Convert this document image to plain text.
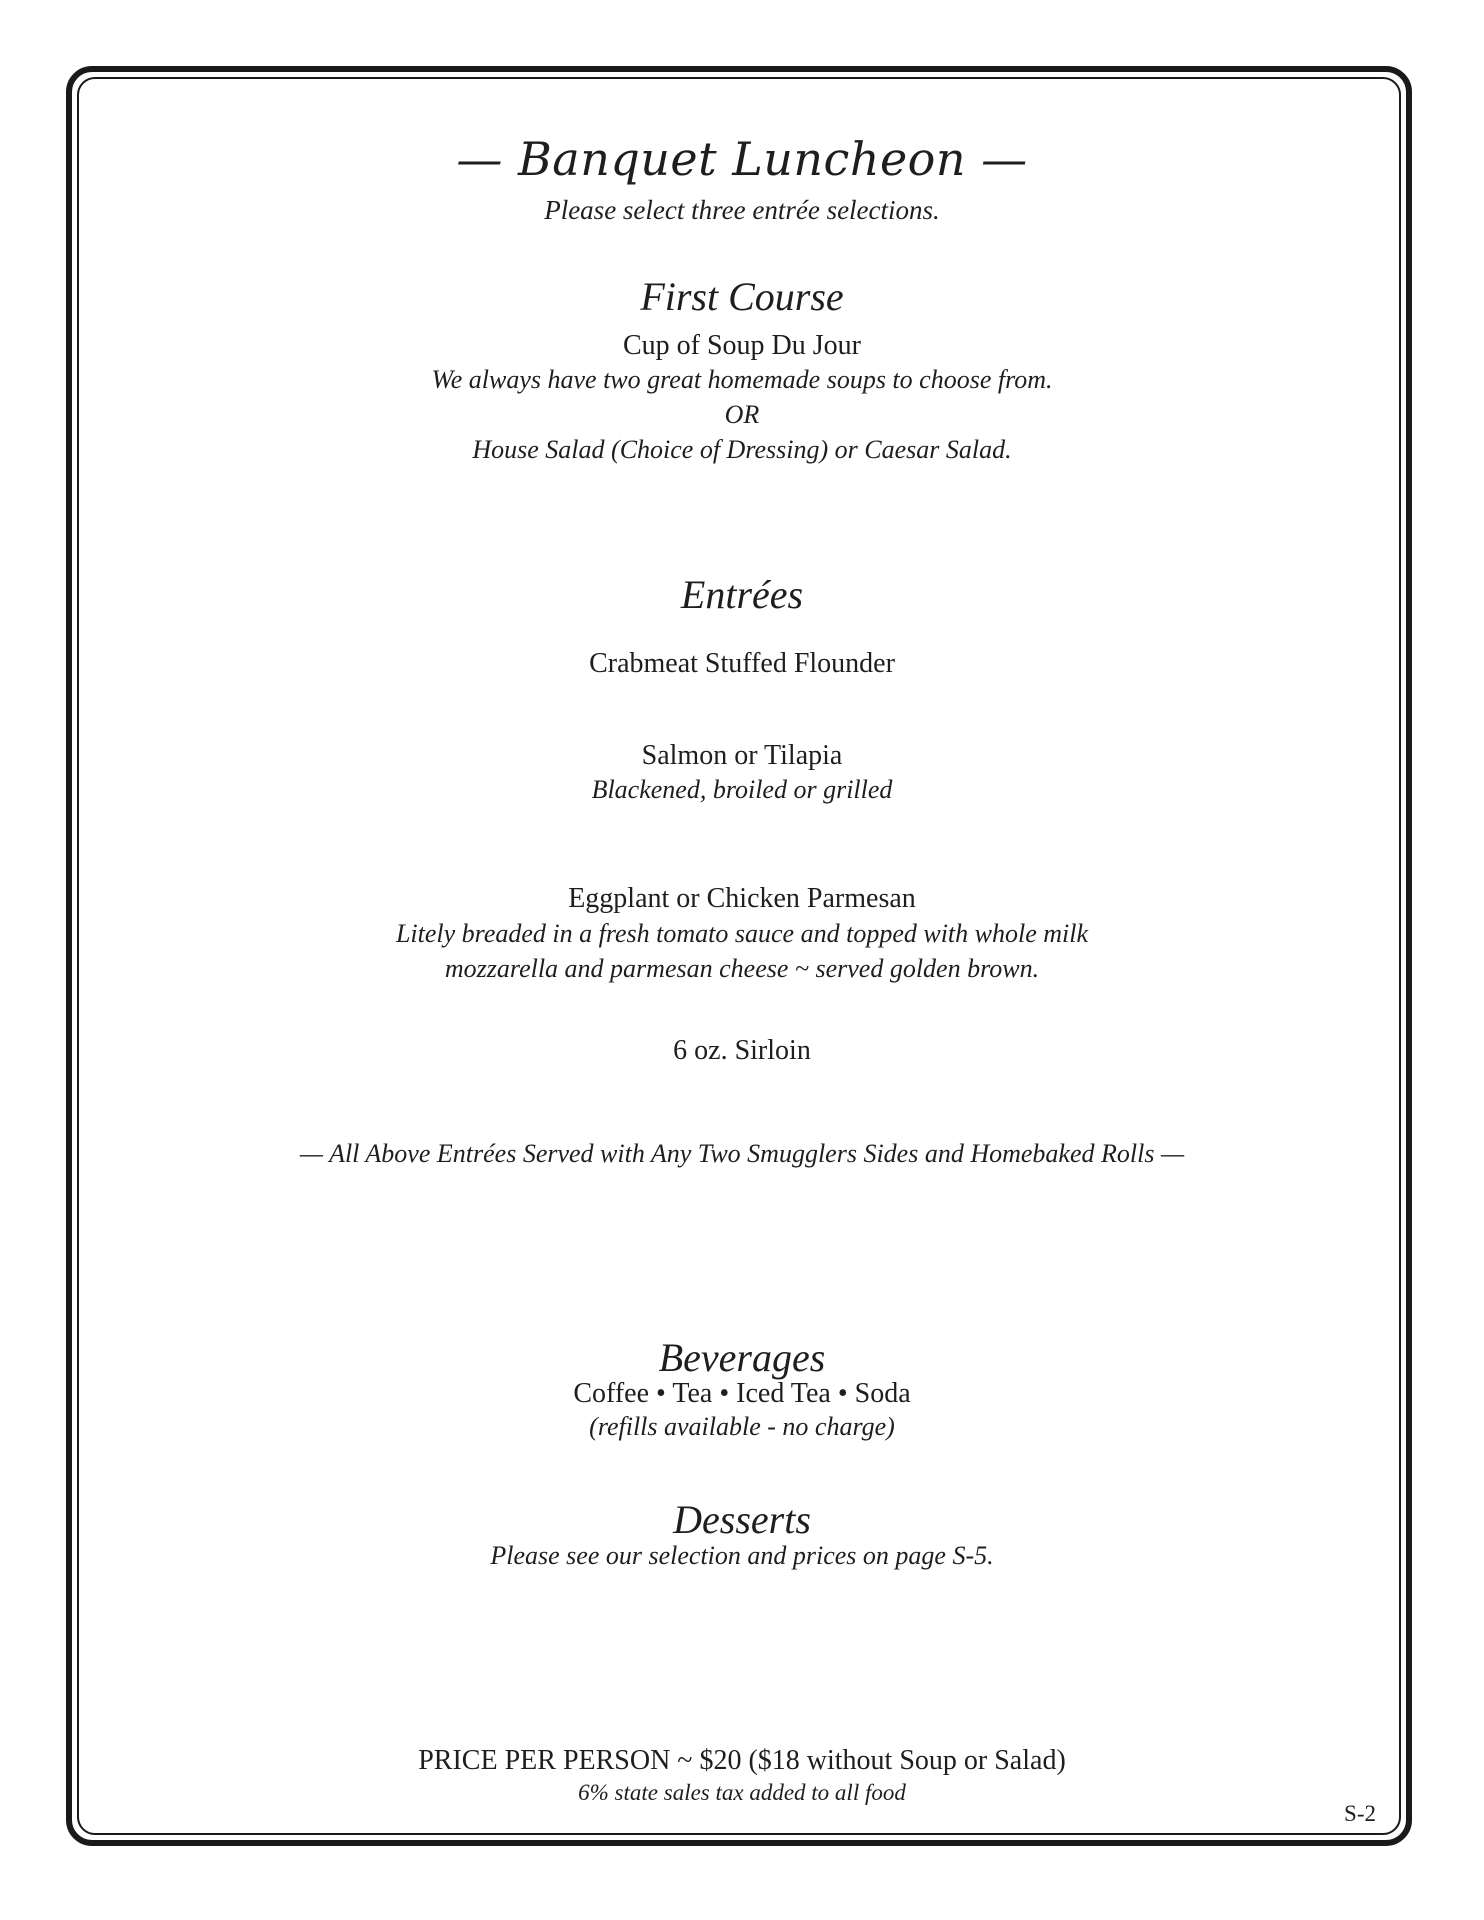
— Banquet Luncheon —
Please select three entrée selections.
First Course
Cup of Soup Du Jour
We always have two great homemade soups to choose from.
OR
House Salad (Choice of Dressing) or Caesar Salad.
Entrées
Crabmeat Stuffed Flounder
Salmon or Tilapia
Blackened, broiled or grilled
Eggplant or Chicken Parmesan
Litely breaded in a fresh tomato sauce and topped with whole milk
mozzarella and parmesan cheese ~ served golden brown.
6 oz. Sirloin
— All Above Entrées Served with Any Two Smugglers Sides and Homebaked Rolls —
Beverages
Coffee • Tea • Iced Tea • Soda
(refills available - no charge)
Desserts
Please see our selection and prices on page S-5.
PRICE PER PERSON ~ $20 ($18 without Soup or Salad)
6% state sales tax added to all food
S-2
